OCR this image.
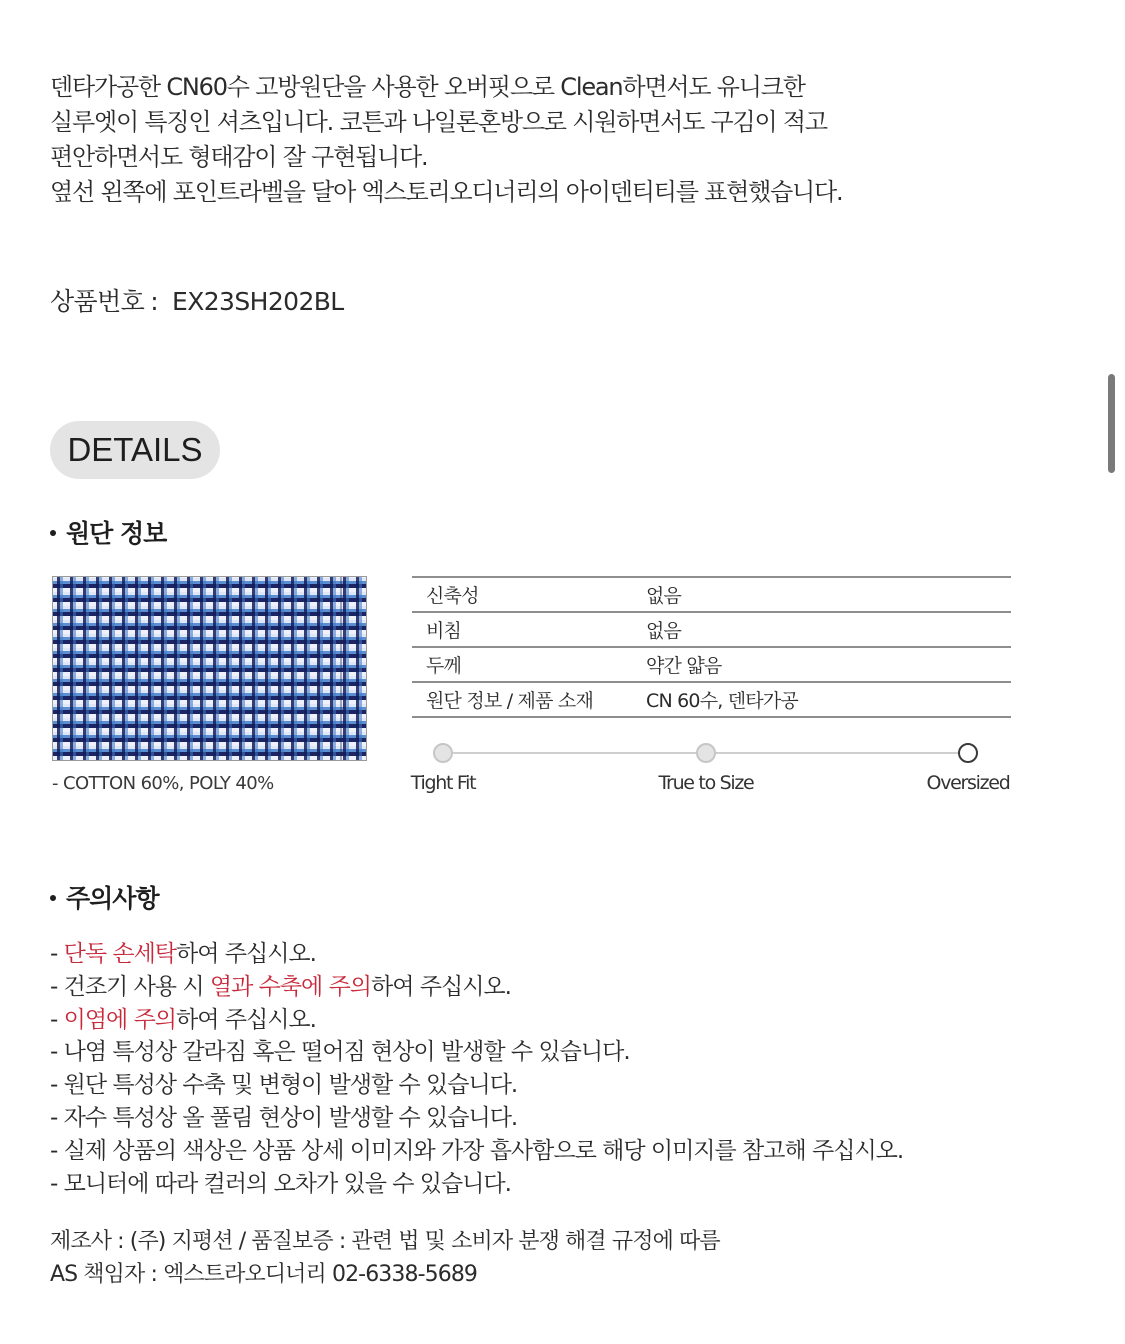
덴타가공한 CN60수 고방원단을 사용한 오버핏으로 Clean하면서도 유니크한
실루엣이 특징인 셔츠입니다. 코튼과 나일론혼방으로 시원하면서도 구김이 적고
편안하면서도 형태감이 잘 구현됩니다.
옆선 왼쪽에 포인트라벨을 달아 엑스토리오디너리의 아이덴티티를 표현했습니다.
상품번호 : EX23SH202BL
DETAILS
원단 정보
- COTTON 60%, POLY 40%
신축성	없음
비침	없음
두께	약간 얇음
원단 정보 / 제품 소재	CN 60수, 덴타가공
Tight Fit	True to Size	Oversized
주의사항
- 단독 손세탁하여 주십시오.
- 건조기 사용 시 열과 수축에 주의하여 주십시오.
- 이염에 주의하여 주십시오.
- 나염 특성상 갈라짐 혹은 떨어짐 현상이 발생할 수 있습니다.
- 원단 특성상 수축 및 변형이 발생할 수 있습니다.
- 자수 특성상 올 풀림 현상이 발생할 수 있습니다.
- 실제 상품의 색상은 상품 상세 이미지와 가장 흡사함으로 해당 이미지를 참고해 주십시오.
- 모니터에 따라 컬러의 오차가 있을 수 있습니다.
제조사 : (주) 지평션 / 품질보증 : 관련 법 및 소비자 분쟁 해결 규정에 따름
AS 책임자 : 엑스트라오디너리 02-6338-5689
